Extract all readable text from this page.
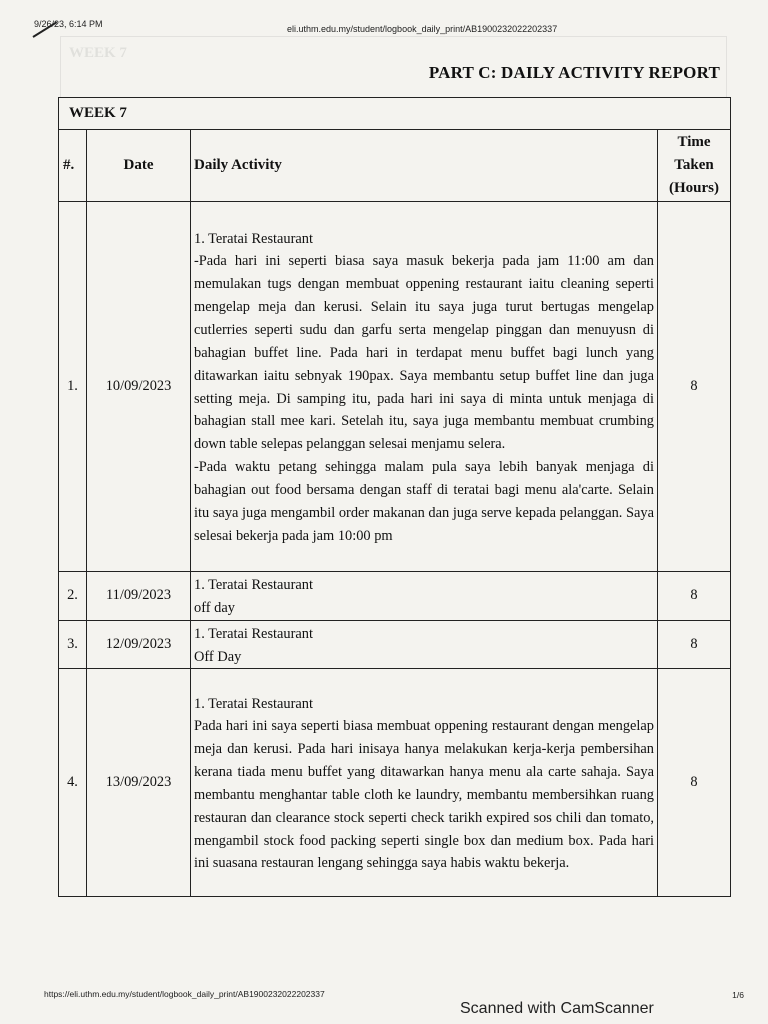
9/26/23, 6:14 PM	eli.uthm.edu.my/student/logbook_daily_print/AB1900232022202337
WEEK 7
PART C: DAILY ACTIVITY REPORT
WEEK 7			
#.	Date	Daily Activity	Time
Taken
(Hours)
1.	10/09/2023	1. Teratai Restaurant

-Pada hari ini seperti biasa saya masuk bekerja pada jam 11:00 am dan memulakan tugs dengan membuat oppening restaurant iaitu cleaning seperti mengelap meja dan kerusi. Selain itu saya juga turut bertugas mengelap cutlerries seperti sudu dan garfu serta mengelap pinggan dan menuyusn di bahagian buffet line. Pada hari in terdapat menu buffet bagi lunch yang ditawarkan iaitu sebnyak 190pax. Saya membantu setup buffet line dan juga setting meja. Di samping itu, pada hari ini saya di minta untuk menjaga di bahagian stall mee kari. Setelah itu, saya juga membantu membuat crumbing down table selepas pelanggan selesai menjamu selera.

-Pada waktu petang sehingga malam pula saya lebih banyak menjaga di bahagian out food bersama dengan staff di teratai bagi menu ala'carte. Selain itu saya juga mengambil order makanan dan juga serve kepada pelanggan. Saya selesai bekerja pada jam 10:00 pm	8
2.	11/09/2023	1. Teratai Restaurant

off day	8
3.	12/09/2023	1. Teratai Restaurant

Off Day	8
4.	13/09/2023	1. Teratai Restaurant

Pada hari ini saya seperti biasa membuat oppening restaurant dengan mengelap meja dan kerusi. Pada hari inisaya hanya melakukan kerja-kerja pembersihan kerana tiada menu buffet yang ditawarkan hanya menu ala carte sahaja. Saya membantu menghantar table cloth ke laundry, membantu membersihkan ruang restauran dan clearance stock seperti check tarikh expired sos chili dan tomato, mengambil stock food packing seperti single box dan medium box. Pada hari ini suasana restauran lengang sehingga saya habis waktu bekerja.	8
https://eli.uthm.edu.my/student/logbook_daily_print/AB1900232022202337	1/6
Scanned with CamScanner
